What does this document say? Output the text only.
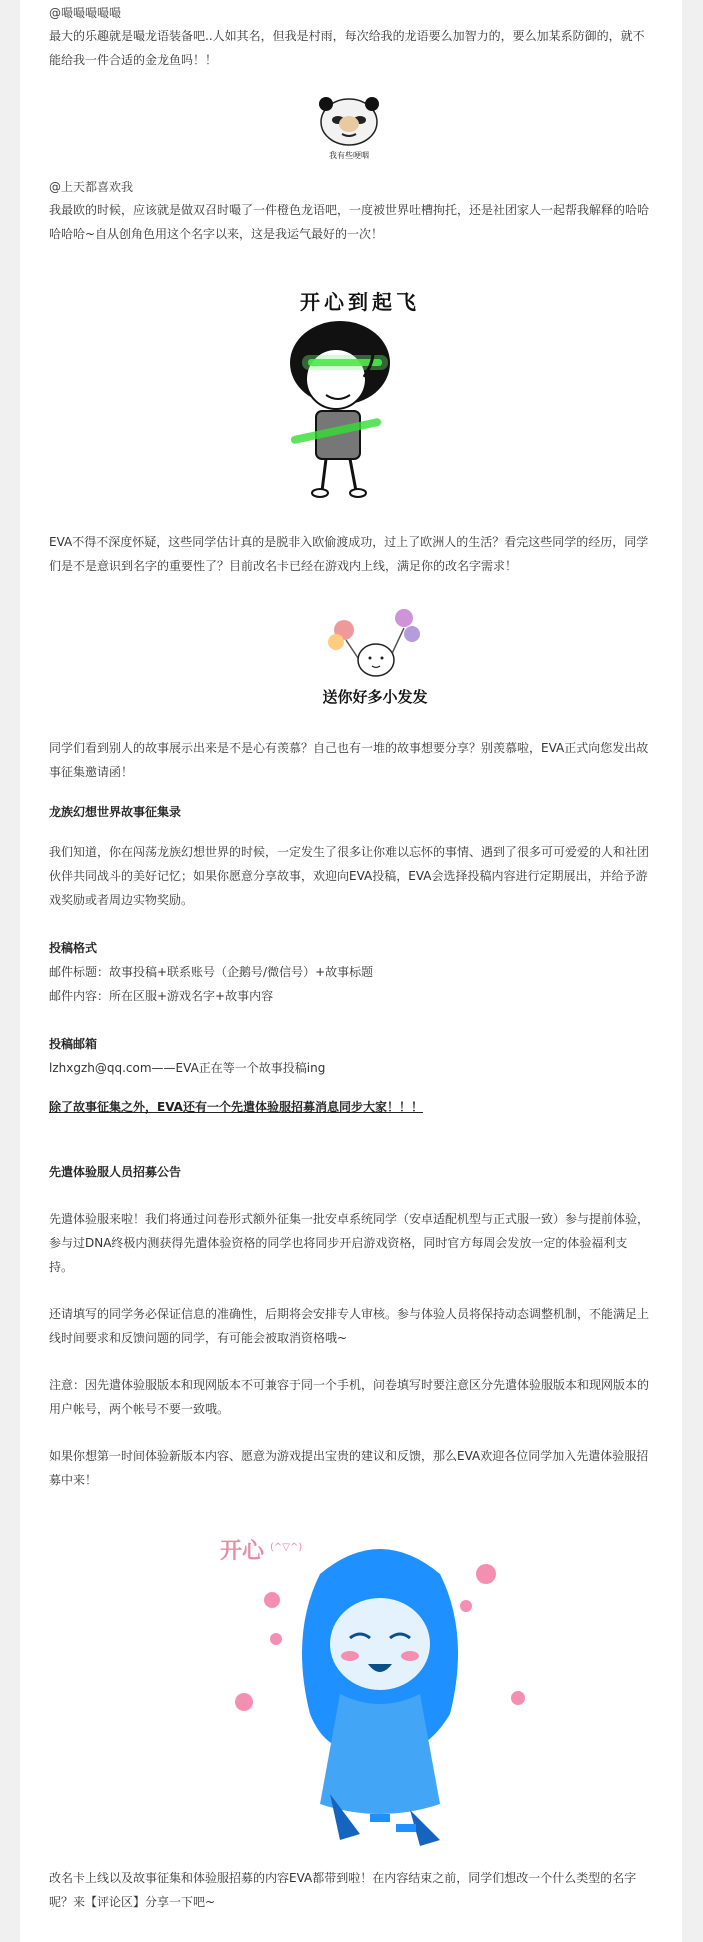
@嘬嘬嘬嘬嘬

最大的乐趣就是嘬龙语装备吧..人如其名，但我是村雨，每次给我的龙语要么加智力的，要么加某系防御的，就不能给我一件合适的金龙鱼吗！！

我有些哽咽
@上天都喜欢我

我最欧的时候，应该就是做双召时嘬了一件橙色龙语吧，一度被世界吐槽拘托，还是社团家人一起帮我解释的哈哈哈哈哈~自从创角色用这个名字以来，这是我运气最好的一次！

开心到起飞

EVA不得不深度怀疑，这些同学估计真的是脱非入欧偷渡成功，过上了欧洲人的生活？看完这些同学的经历，同学们是不是意识到名字的重要性了？目前改名卡已经在游戏内上线，满足你的改名字需求！

送你好多小发发

同学们看到别人的故事展示出来是不是心有羡慕？自己也有一堆的故事想要分享？别羡慕啦，EVA正式向您发出故事征集邀请函！

龙族幻想世界故事征集录

我们知道，你在闯荡龙族幻想世界的时候，一定发生了很多让你难以忘怀的事情、遇到了很多可可爱爱的人和社团伙伴共同战斗的美好记忆；如果你愿意分享故事，欢迎向EVA投稿，EVA会选择投稿内容进行定期展出，并给予游戏奖励或者周边实物奖励。

投稿格式

邮件标题：故事投稿+联系账号（企鹅号/微信号）+故事标题

邮件内容：所在区服+游戏名字+故事内容

投稿邮箱

lzhxgzh@qq.com——EVA正在等一个故事投稿ing

除了故事征集之外，EVA还有一个先遣体验服招募消息同步大家！！！

先遣体验服人员招募公告

先遣体验服来啦！我们将通过问卷形式额外征集一批安卓系统同学（安卓适配机型与正式服一致）参与提前体验，参与过DNA终极内测获得先遣体验资格的同学也将同步开启游戏资格，同时官方每周会发放一定的体验福利支持。

还请填写的同学务必保证信息的准确性，后期将会安排专人审核。参与体验人员将保持动态调整机制，不能满足上线时间要求和反馈问题的同学，有可能会被取消资格哦~

注意：因先遣体验服版本和现网版本不可兼容于同一个手机，问卷填写时要注意区分先遣体验服版本和现网版本的用户帐号，两个帐号不要一致哦。

如果你想第一时间体验新版本内容、愿意为游戏提出宝贵的建议和反馈，那么EVA欢迎各位同学加入先遣体验服招募中来！

开心 (^▽^)

改名卡上线以及故事征集和体验服招募的内容EVA都带到啦！在内容结束之前，同学们想改一个什么类型的名字呢？来【评论区】分享一下吧~
